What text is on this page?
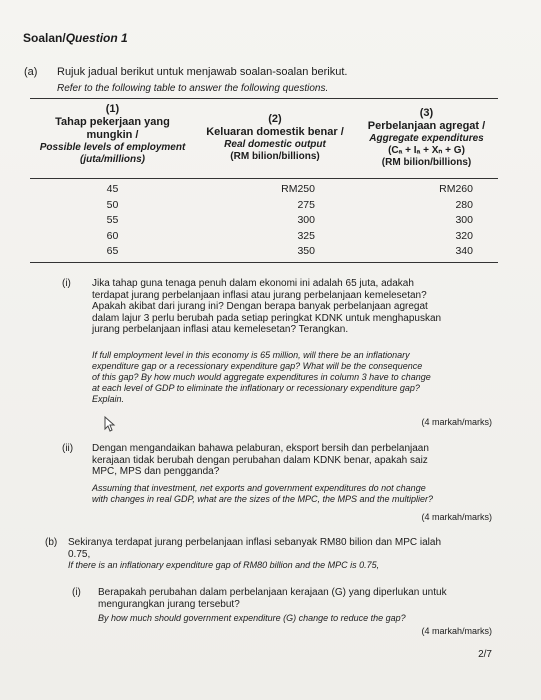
Soalan/Question 1
(a) Rujuk jadual berikut untuk menjawab soalan-soalan berikut.
Refer to the following table to answer the following questions.
(1)
Tahap pekerjaan yang
mungkin /
Possible levels of employment
(juta/millions)
(2)
Keluaran domestik benar /
Real domestic output
(RM bilion/billions)
(3)
Perbelanjaan agregat /
Aggregate expenditures
(Cₐ + Iₐ + Xₙ + G)
(RM bilion/billions)
45	RM250	RM260
50	275	280
55	300	300
60	325	320
65	350	340
(i) Jika tahap guna tenaga penuh dalam ekonomi ini adalah 65 juta, adakah
terdapat jurang perbelanjaan inflasi atau jurang perbelanjaan kemelesetan?
Apakah akibat dari jurang ini? Dengan berapa banyak perbelanjaan agregat
dalam lajur 3 perlu berubah pada setiap peringkat KDNK untuk menghapuskan
jurang perbelanjaan inflasi atau kemelesetan? Terangkan.
If full employment level in this economy is 65 million, will there be an inflationary
expenditure gap or a recessionary expenditure gap? What will be the consequence
of this gap? By how much would aggregate expenditures in column 3 have to change
at each level of GDP to eliminate the inflationary or recessionary expenditure gap?
Explain.
(4 markah/marks)
(ii) Dengan mengandaikan bahawa pelaburan, eksport bersih dan perbelanjaan
kerajaan tidak berubah dengan perubahan dalam KDNK benar, apakah saiz
MPC, MPS dan pengganda?
Assuming that investment, net exports and government expenditures do not change
with changes in real GDP, what are the sizes of the MPC, the MPS and the multiplier?
(4 markah/marks)
(b) Sekiranya terdapat jurang perbelanjaan inflasi sebanyak RM80 bilion dan MPC ialah
0.75,
If there is an inflationary expenditure gap of RM80 billion and the MPC is 0.75,
(i) Berapakah perubahan dalam perbelanjaan kerajaan (G) yang diperlukan untuk
mengurangkan jurang tersebut?
By how much should government expenditure (G) change to reduce the gap?
(4 markah/marks)
2/7
